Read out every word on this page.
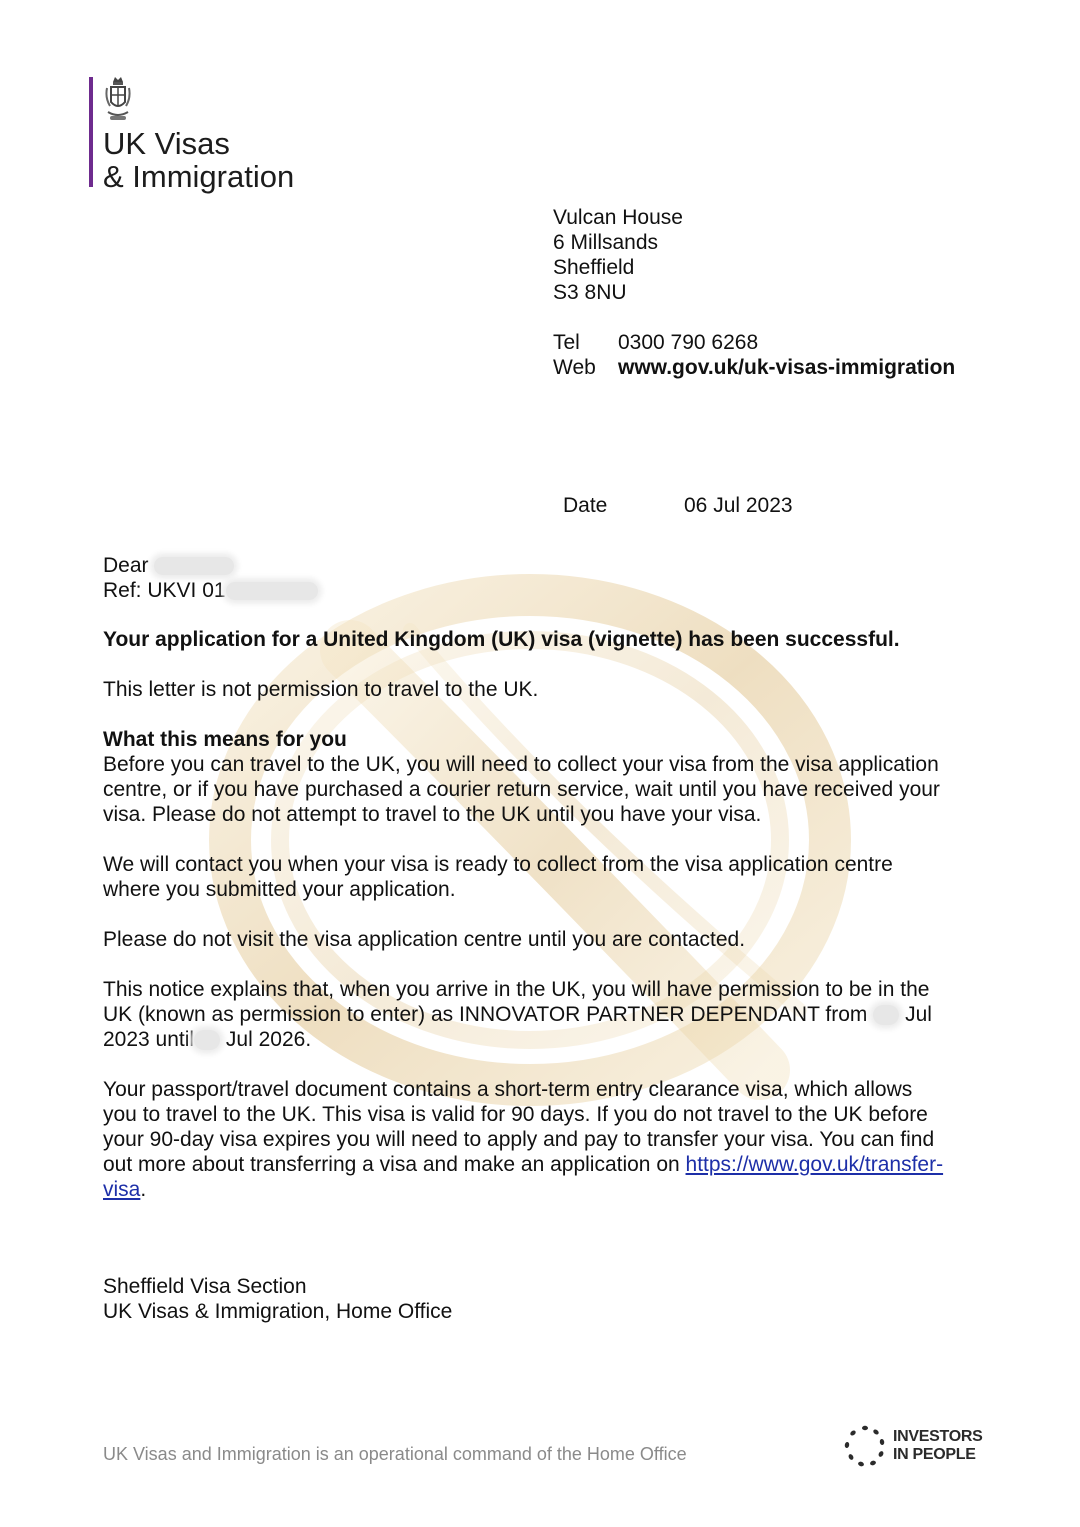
UK Visas
& Immigration
Vulcan House
6 Millsands
Sheffield
S3 8NU
Tel 0300 790 6268
Web www.gov.uk/uk-visas-immigration
Date	06 Jul 2023

Dear

Ref: UKVI 01

Your application for a United Kingdom (UK) visa (vignette) has been successful.

This letter is not permission to travel to the UK.

What this means for you

Before you can travel to the UK, you will need to collect your visa from the visa application

centre, or if you have purchased a courier return service, wait until you have received your

visa. Please do not attempt to travel to the UK until you have your visa.

We will contact you when your visa is ready to collect from the visa application centre

where you submitted your application.

Please do not visit the visa application centre until you are contacted.

This notice explains that, when you arrive in the UK, you will have permission to be in the

UK (known as permission to enter) as INNOVATOR PARTNER DEPENDANT from Jul

2023 until Jul 2026.

Your passport/travel document contains a short-term entry clearance visa, which allows

you to travel to the UK. This visa is valid for 90 days. If you do not travel to the UK before

your 90-day visa expires you will need to apply and pay to transfer your visa. You can find

out more about transferring a visa and make an application on https://www.gov.uk/transfer-

visa.

Sheffield Visa Section

UK Visas & Immigration, Home Office

UK Visas and Immigration is an operational command of the Home Office
INVESTORS
IN PEOPLE
